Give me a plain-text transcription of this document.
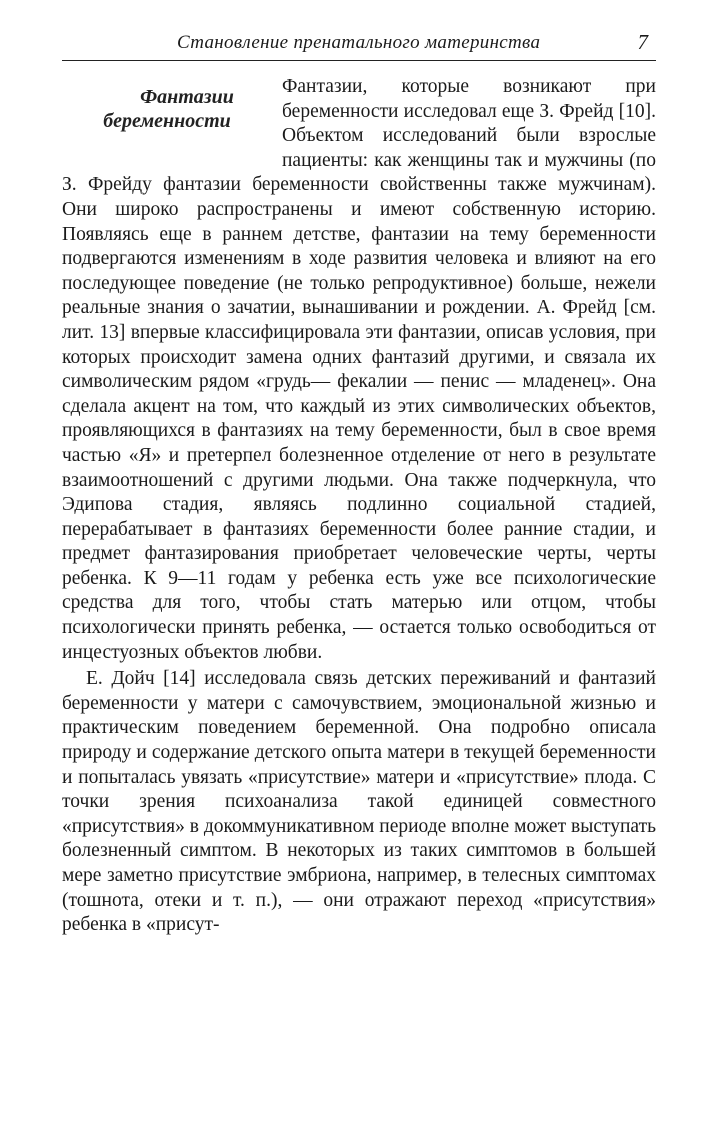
Становление пренатального материнства	7
Фантазии
беременности

Фантазии, которые возникают при беременности исследовал еще З. Фрейд [10]. Объектом исследований были взрослые пациенты: как женщины так и мужчины (по З. Фрейду фантазии беременности свойственны также мужчинам). Они широко распространены и имеют собственную историю. Появляясь еще в раннем детстве, фантазии на тему беременности подвергаются изменениям в ходе развития человека и влияют на его последующее поведение (не только репродуктивное) больше, нежели реальные знания о зачатии, вынашивании и рождении. А. Фрейд [см. лит. 13] впервые классифицировала эти фантазии, описав условия, при которых происходит замена одних фантазий другими, и связала их символическим рядом «грудь— фекалии — пенис — младенец». Она сделала акцент на том, что каждый из этих символических объектов, проявляющихся в фантазиях на тему беременности, был в свое время частью «Я» и претерпел болезненное отделение от него в результате взаимоотношений с другими людьми. Она также подчеркнула, что Эдипова стадия, являясь подлинно социальной стадией, перерабатывает в фантазиях беременности более ранние стадии, и предмет фантазирования приобретает человеческие черты, черты ребенка. К 9—11 годам у ребенка есть уже все психологические средства для того, чтобы стать матерью или отцом, чтобы психологически принять ребенка, — остается только освободиться от инцестуозных объектов любви.

Е. Дойч [14] исследовала связь детских переживаний и фантазий беременности у матери с самочувствием, эмоциональной жизнью и практическим поведением беременной. Она подробно описала природу и содержание детского опыта матери в текущей беременности и попыталась увязать «присутствие» матери и «присутствие» плода. С точки зрения психоанализа такой единицей совместного «присутствия» в докоммуникативном периоде вполне может выступать болезненный симптом. В некоторых из таких симптомов в большей мере заметно присутствие эмбриона, например, в телесных симптомах (тошнота, отеки и т. п.), — они отражают переход «присутствия» ребенка в «присут-
